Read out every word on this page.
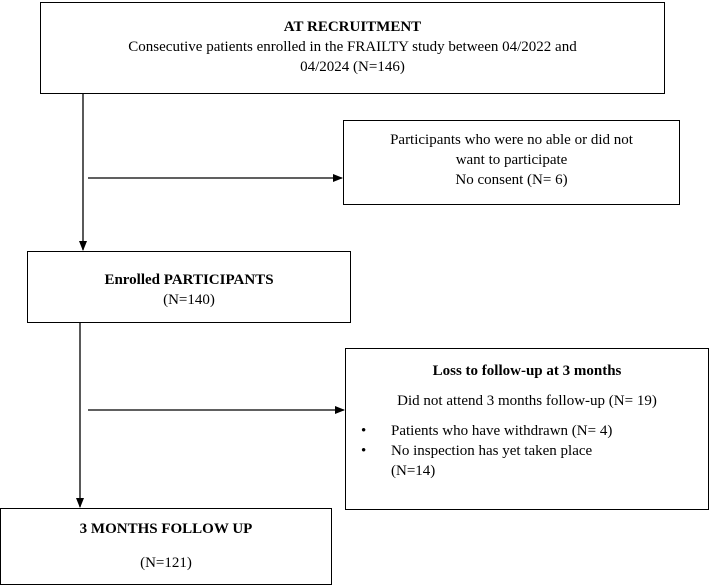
AT RECRUITMENT
Consecutive patients enrolled in the FRAILTY study between 04/2022 and
04/2024 (N=146)
Participants who were no able or did not
want to participate
No consent (N= 6)
Enrolled PARTICIPANTS
(N=140)
Loss to follow-up at 3 months
Did not attend 3 months follow-up (N= 19)
• Patients who have withdrawn (N= 4)
• No inspection has yet taken place
(N=14)
3 MONTHS FOLLOW UP
(N=121)
